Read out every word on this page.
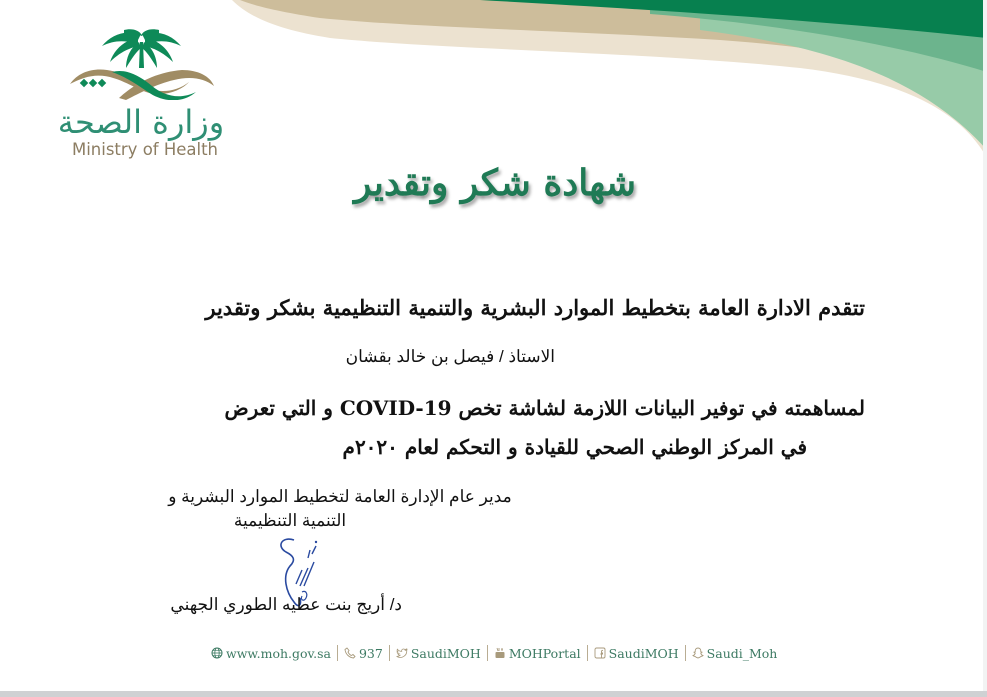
وزارة الصحة
Ministry of Health
شهادة شكر وتقدير
تتقدم الادارة العامة بتخطيط الموارد البشرية والتنمية التنظيمية بشكر وتقدير
الاستاذ / فيصل بن خالد بقشان
لمساهمته في توفير البيانات اللازمة لشاشة تخص COVID-19 و التي تعرض
في المركز الوطني الصحي للقيادة و التحكم لعام ٢٠٢٠م
مدير عام الإدارة العامة لتخطيط الموارد البشرية و
التنمية التنظيمية
د/ أريج بنت عطيه الطوري الجهني
www.moh.gov.sa 937 SaudiMOH MOHPortal SaudiMOH Saudi_Moh
